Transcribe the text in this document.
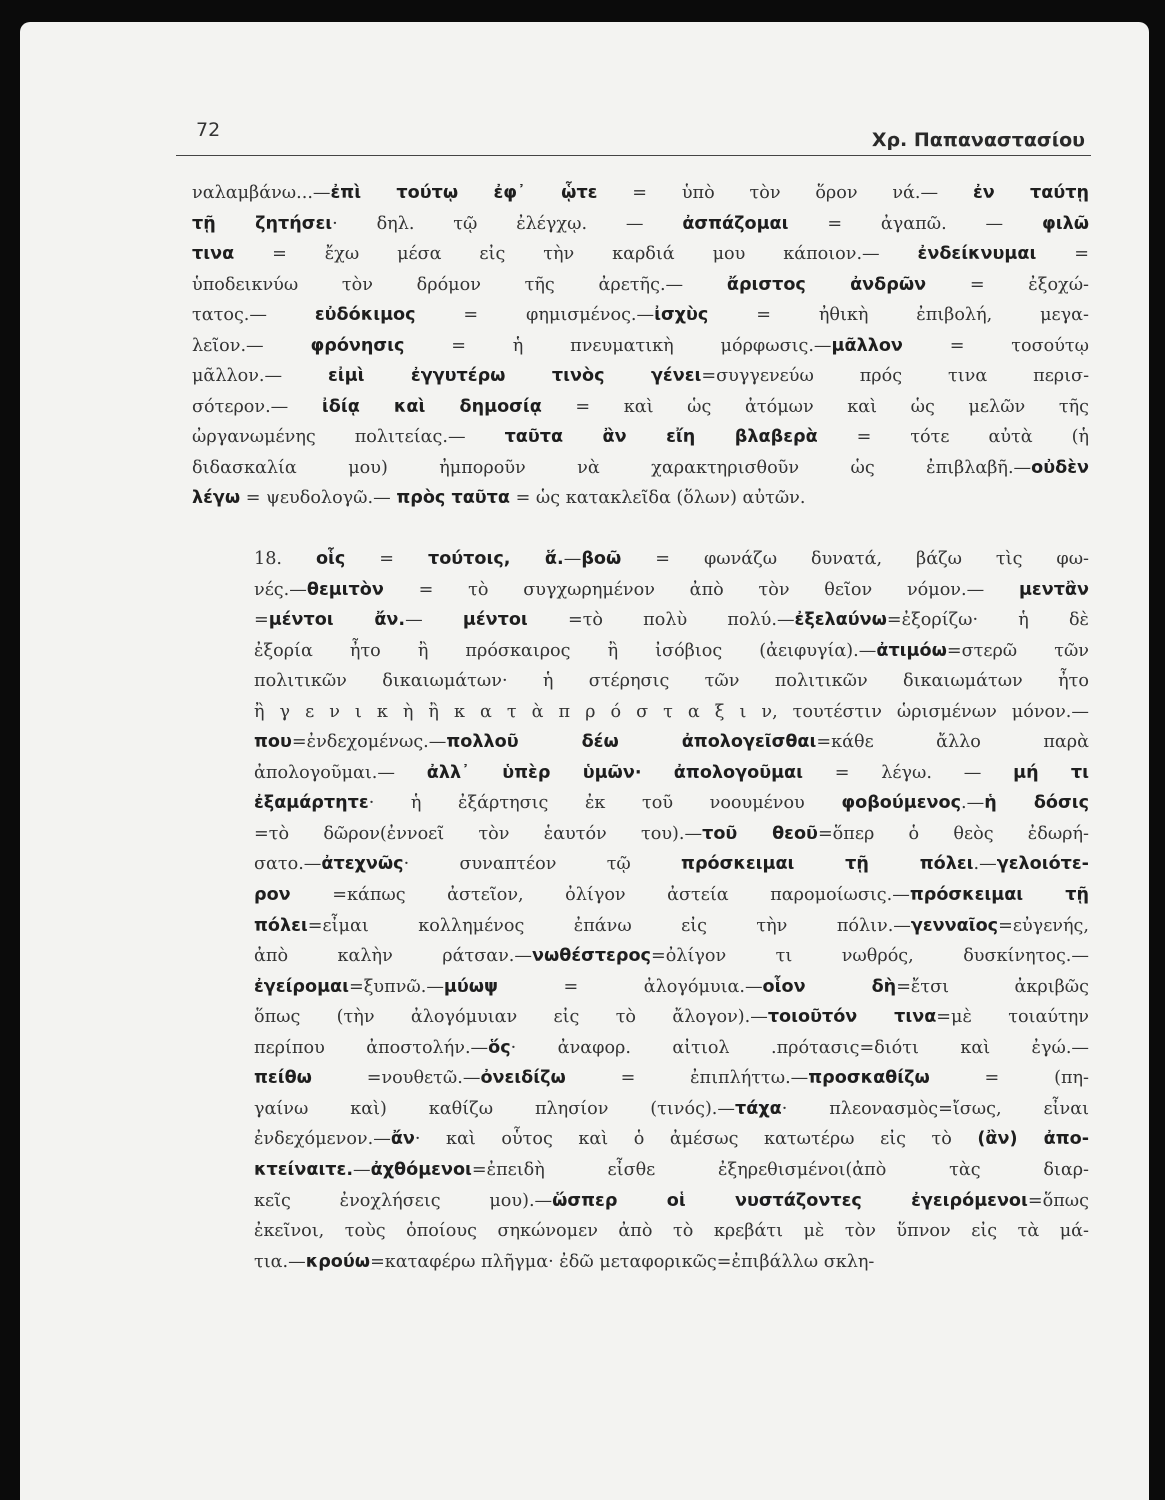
72	Χρ. Παπαναστασίου

ναλαμβάνω...—ἐπὶ τούτῳ ἐφ᾽ ᾧτε = ὑπὸ τὸν ὅρον νά.— ἐν ταύτῃ
τῇ ζητήσει· δηλ. τῷ ἐλέγχῳ. — ἀσπάζομαι = ἀγαπῶ. — φιλῶ
τινα = ἔχω μέσα εἰς τὴν καρδιά μου κάποιον.— ἐνδείκνυμαι =
ὑποδεικνύω τὸν δρόμον τῆς ἀρετῆς.— ἄριστος ἀνδρῶν = ἐξοχώ-
τατος.— εὐδόκιμος = φημισμένος.—ἰσχὺς = ἠθικὴ ἐπιβολή, μεγα-
λεῖον.— φρόνησις = ἡ πνευματικὴ μόρφωσις.—μᾶλλον = τοσούτῳ
μᾶλλον.— εἰμὶ ἐγγυτέρω τινὸς γένει=συγγενεύω πρός τινα περισ-
σότερον.— ἰδίᾳ καὶ δημοσίᾳ = καὶ ὡς ἀτόμων καὶ ὡς μελῶν τῆς
ὠργανωμένης πολιτείας.— ταῦτα ἂν εἴη βλαβερὰ = τότε αὐτὰ (ἡ
διδασκαλία μου) ἠμποροῦν νὰ χαρακτηρισθοῦν ὡς ἐπιβλαβῆ.—οὐδὲν
λέγω = ψευδολογῶ.— πρὸς ταῦτα = ὡς κατακλεῖδα (ὅλων) αὐτῶν.

18. οἷς = τούτοις, ἅ.—βοῶ = φωνάζω δυνατά, βάζω τὶς φω-
νές.—θεμιτὸν = τὸ συγχωρημένον ἀπὸ τὸν θεῖον νόμον.— μεντἂν
=μέντοι ἄν.— μέντοι =τὸ πολὺ πολύ.—ἐξελαύνω=ἐξορίζω· ἡ δὲ
ἐξορία ἦτο ἢ πρόσκαιρος ἢ ἰσόβιος (ἀειφυγία).—ἀτιμόω=στερῶ τῶν
πολιτικῶν δικαιωμάτων· ἡ στέρησις τῶν πολιτικῶν δικαιωμάτων ἦτο
ἢ γ ε ν ι κ ὴ ἢ κ α τ ὰ π ρ ό σ τ α ξ ι ν, τουτέστιν ὡρισμένων μόνον.—
που=ἐνδεχομένως.—πολλοῦ δέω ἀπολογεῖσθαι=κάθε ἄλλο παρὰ
ἀπολογοῦμαι.— ἀλλ᾽ ὑπὲρ ὑμῶν· ἀπολογοῦμαι = λέγω. — μή τι
ἐξαμάρτητε· ἡ ἐξάρτησις ἐκ τοῦ νοουμένου φοβούμενος.—ἡ δόσις
=τὸ δῶρον(ἐννοεῖ τὸν ἑαυτόν του).—τοῦ θεοῦ=ὅπερ ὁ θεὸς ἐδωρή-
σατο.—ἀτεχνῶς· συναπτέον τῷ πρόσκειμαι τῇ πόλει.—γελοιότε-
ρον =κάπως ἀστεῖον, ὀλίγον ἀστεία παρομοίωσις.—πρόσκειμαι τῇ
πόλει=εἶμαι κολλημένος ἐπάνω εἰς τὴν πόλιν.—γενναῖος=εὐγενής,
ἀπὸ καλὴν ράτσαν.—νωθέστερος=ὀλίγον τι νωθρός, δυσκίνητος.—
ἐγείρομαι=ξυπνῶ.—μύωψ = ἀλογόμυια.—οἷον δὴ=ἔτσι ἀκριβῶς
ὅπως (τὴν ἀλογόμυιαν εἰς τὸ ἄλογον).—τοιοῦτόν τινα=μὲ τοιαύτην
περίπου ἀποστολήν.—ὅς· ἀναφορ. αἰτιολ .πρότασις=διότι καὶ ἐγώ.—
πείθω =νουθετῶ.—ὀνειδίζω = ἐπιπλήττω.—προσκαθίζω = (πη-
γαίνω καὶ) καθίζω πλησίον (τινός).—τάχα· πλεονασμὸς=ἴσως, εἶναι
ἐνδεχόμενον.—ἄν· καὶ οὗτος καὶ ὁ ἀμέσως κατωτέρω εἰς τὸ (ἂν) ἀπο-
κτείναιτε.—ἀχθόμενοι=ἐπειδὴ εἶσθε ἐξηρεθισμένοι(ἀπὸ τὰς διαρ-
κεῖς ἐνοχλήσεις μου).—ὥσπερ οἱ νυστάζοντες ἐγειρόμενοι=ὅπως
ἐκεῖνοι, τοὺς ὁποίους σηκώνομεν ἀπὸ τὸ κρεβάτι μὲ τὸν ὕπνον εἰς τὰ μά-
τια.—κρούω=καταφέρω πλῆγμα· ἐδῶ μεταφορικῶς=ἐπιβάλλω σκλη-
